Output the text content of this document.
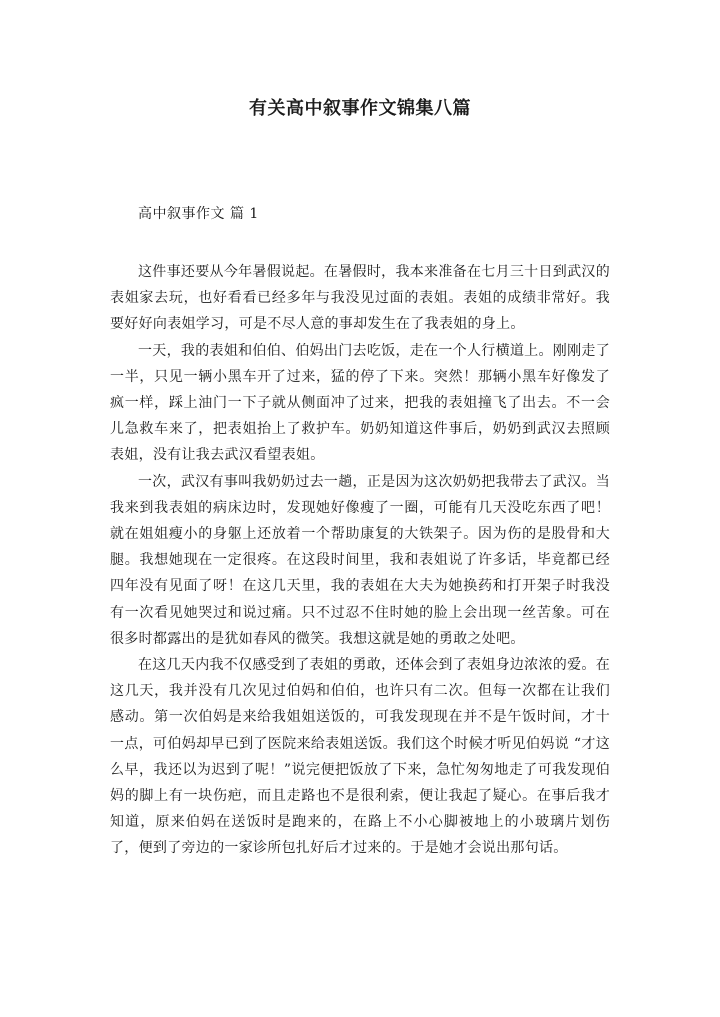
有关高中叙事作文锦集八篇
高中叙事作文 篇 1

这件事还要从今年暑假说起。在暑假时，我本来准备在七月三十日到武汉的表姐家去玩，也好看看已经多年与我没见过面的表姐。表姐的成绩非常好。我要好好向表姐学习，可是不尽人意的事却发生在了我表姐的身上。

一天，我的表姐和伯伯、伯妈出门去吃饭，走在一个人行横道上。刚刚走了一半，只见一辆小黑车开了过来，猛的停了下来。突然！那辆小黑车好像发了疯一样，踩上油门一下子就从侧面冲了过来，把我的表姐撞飞了出去。不一会儿急救车来了，把表姐抬上了救护车。奶奶知道这件事后，奶奶到武汉去照顾表姐，没有让我去武汉看望表姐。

一次，武汉有事叫我奶奶过去一趟，正是因为这次奶奶把我带去了武汉。当我来到我表姐的病床边时，发现她好像瘦了一圈，可能有几天没吃东西了吧！就在姐姐瘦小的身躯上还放着一个帮助康复的大铁架子。因为伤的是股骨和大腿。我想她现在一定很疼。在这段时间里，我和表姐说了许多话，毕竟都已经四年没有见面了呀！在这几天里，我的表姐在大夫为她换药和打开架子时我没有一次看见她哭过和说过痛。只不过忍不住时她的脸上会出现一丝苦象。可在很多时都露出的是犹如春风的微笑。我想这就是她的勇敢之处吧。

在这几天内我不仅感受到了表姐的勇敢，还体会到了表姐身边浓浓的爱。在这几天，我并没有几次见过伯妈和伯伯，也许只有二次。但每一次都在让我们感动。第一次伯妈是来给我姐姐送饭的，可我发现现在并不是午饭时间，才十一点，可伯妈却早已到了医院来给表姐送饭。我们这个时候才听见伯妈说 “才这么早，我还以为迟到了呢！”说完便把饭放了下来，急忙匆匆地走了可我发现伯妈的脚上有一块伤疤，而且走路也不是很利索，便让我起了疑心。在事后我才知道，原来伯妈在送饭时是跑来的，在路上不小心脚被地上的小玻璃片划伤了，便到了旁边的一家诊所包扎好后才过来的。于是她才会说出那句话。
